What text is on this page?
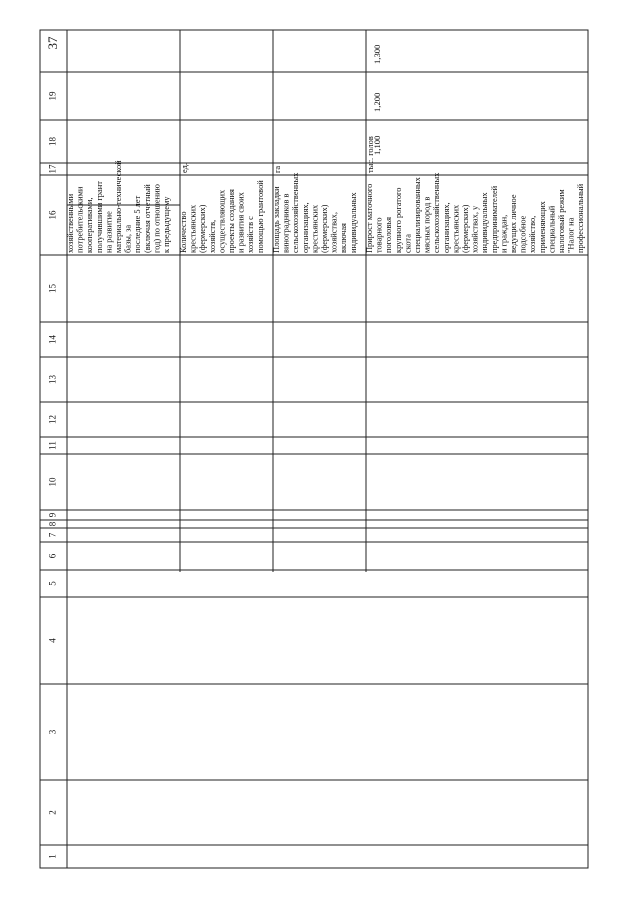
37
1
2
3
4
5
6
7
8
9
10
11
12
13
14
15
16
17
18
19
хозяйственными потребительскими кооперативами, получившими грант на развитие материально-технической базы, за последние 5 лет (включая отчетный год) по отношению к предыдущему Количество крестьянских (фермерских) хозяйств, осуществляющих проекты создания и развития своих хозяйств с помощью грантовой
ед.
Площадь закладки виноградников в сельскохозяйственных организациях, крестьянских (фермерских) хозяйствах, включая индивидуальных
га
Прирост маточного товарного поголовья крупного рогатого скота специализированных мясных пород в сельскохозяйственных организациях, крестьянских (фермерских) хозяйствах, у индивидуальных предпринимателей и граждан, ведущих личное подсобное хозяйство, применяющих специальный налоговый режим "Налог на профессиональный
тыс. голов
1,100
1,200
1,300
